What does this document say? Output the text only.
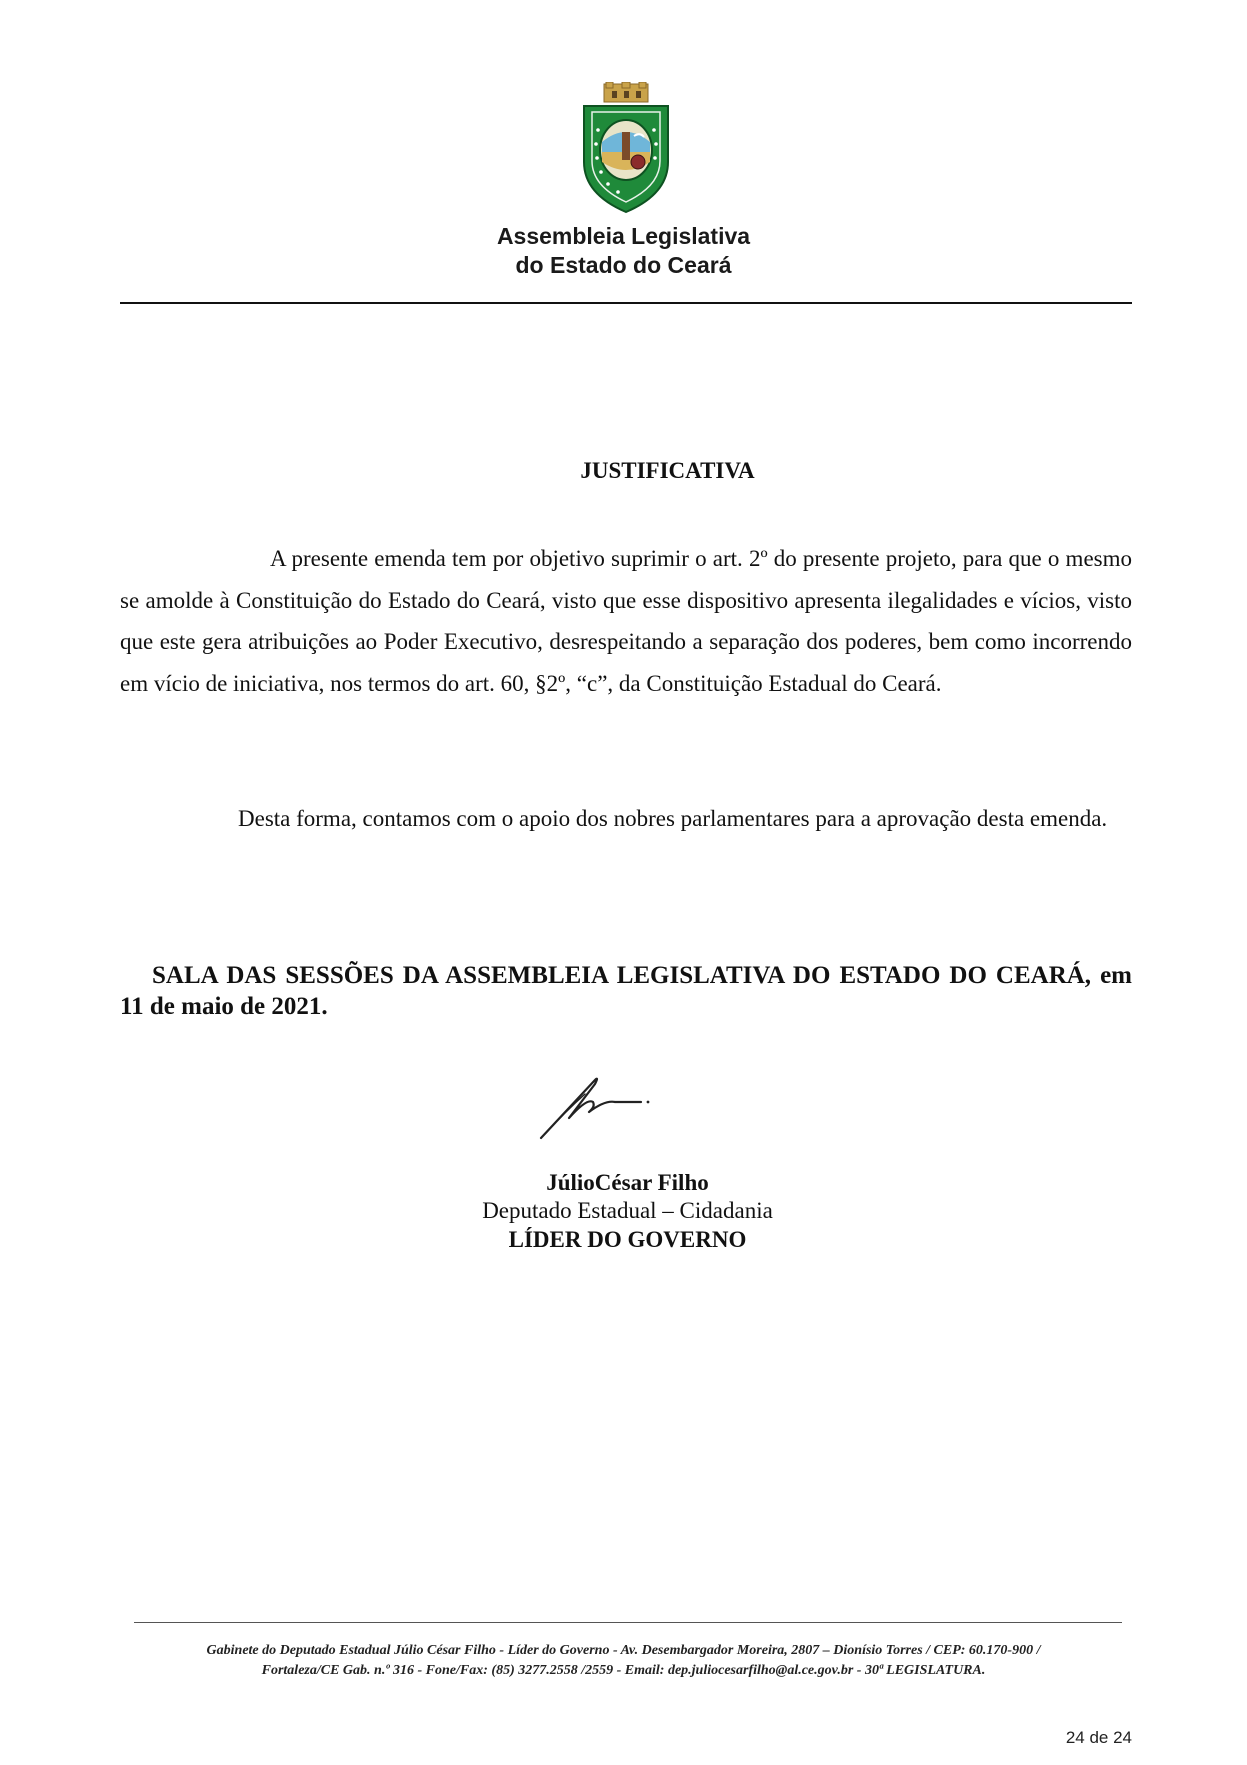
Assembleia Legislativa
do Estado do Ceará
JUSTIFICATIVA

A presente emenda tem por objetivo suprimir o art. 2º do presente projeto, para que o mesmo se amolde à Constituição do Estado do Ceará, visto que esse dispositivo apresenta ilegalidades e vícios, visto que este gera atribuições ao Poder Executivo, desrespeitando a separação dos poderes, bem como incorrendo em vício de iniciativa, nos termos do art. 60, §2º, “c”, da Constituição Estadual do Ceará.

Desta forma, contamos com o apoio dos nobres parlamentares para a aprovação desta emenda.

SALA DAS SESSÕES DA ASSEMBLEIA LEGISLATIVA DO ESTADO DO CEARÁ, em 11 de maio de 2021.

JúlioCésar Filho
Deputado Estadual – Cidadania
LÍDER DO GOVERNO
Gabinete do Deputado Estadual Júlio César Filho - Líder do Governo - Av. Desembargador Moreira, 2807 – Dionísio Torres / CEP: 60.170-900 /
Fortaleza/CE Gab. n.º 316 - Fone/Fax: (85) 3277.2558 /2559 - Email: dep.juliocesarfilho@al.ce.gov.br - 30ª LEGISLATURA.
24 de 24
